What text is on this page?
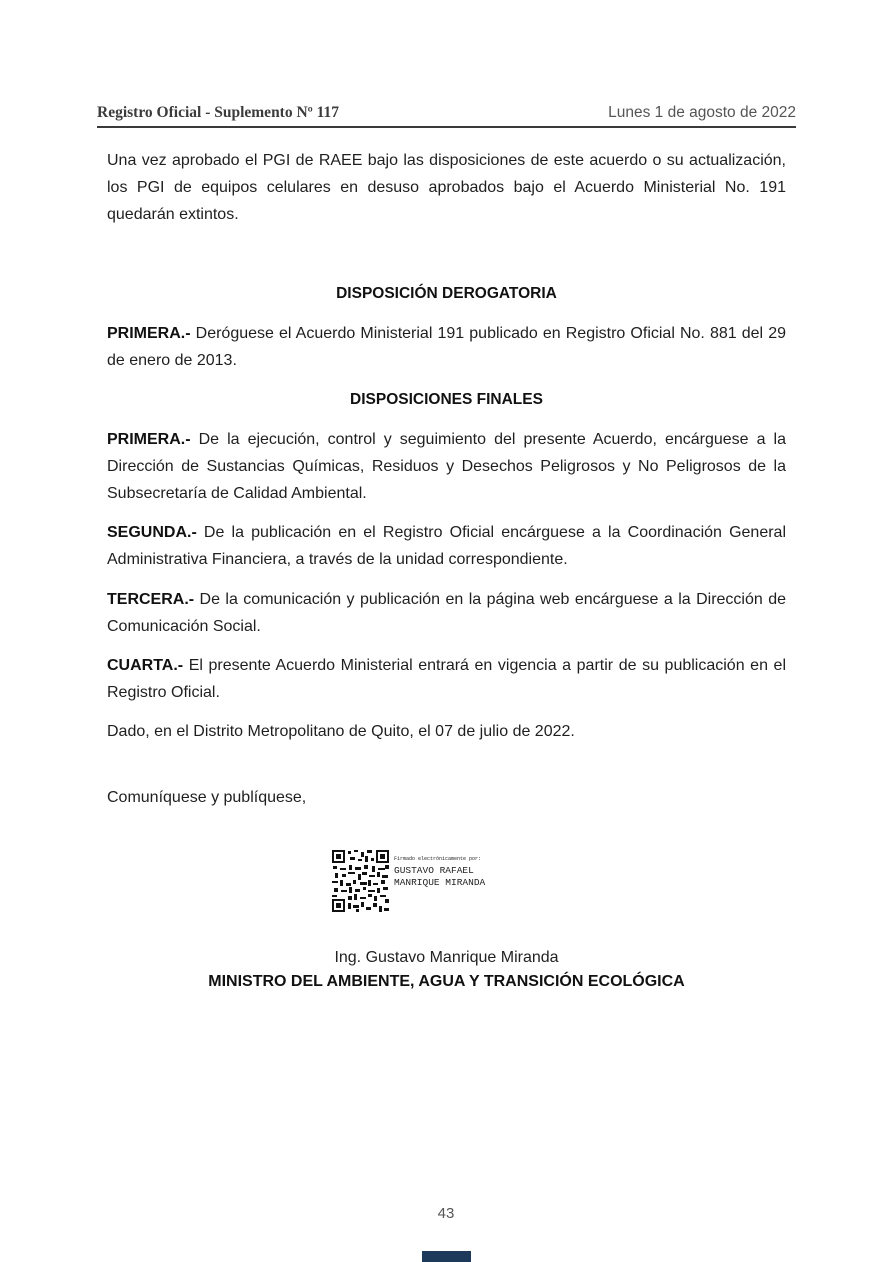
Registro Oficial - Suplemento Nº 117	Lunes 1 de agosto de 2022

Una vez aprobado el PGI de RAEE bajo las disposiciones de este acuerdo o su actualización, los PGI de equipos celulares en desuso aprobados bajo el Acuerdo Ministerial No. 191 quedarán extintos.

DISPOSICIÓN DEROGATORIA

PRIMERA.- Deróguese el Acuerdo Ministerial 191 publicado en Registro Oficial No. 881 del 29 de enero de 2013.

DISPOSICIONES FINALES

PRIMERA.- De la ejecución, control y seguimiento del presente Acuerdo, encárguese a la Dirección de Sustancias Químicas, Residuos y Desechos Peligrosos y No Peligrosos de la Subsecretaría de Calidad Ambiental.

SEGUNDA.- De la publicación en el Registro Oficial encárguese a la Coordinación General Administrativa Financiera, a través de la unidad correspondiente.

TERCERA.- De la comunicación y publicación en la página web encárguese a la Dirección de Comunicación Social.

CUARTA.- El presente Acuerdo Ministerial entrará en vigencia a partir de su publicación en el Registro Oficial.

Dado, en el Distrito Metropolitano de Quito, el 07 de julio de 2022.

Comuníquese y publíquese,

Firmado electrónicamente por:
GUSTAVO RAFAEL
MANRIQUE MIRANDA
Ing. Gustavo Manrique Miranda
MINISTRO DEL AMBIENTE, AGUA Y TRANSICIÓN ECOLÓGICA
43
